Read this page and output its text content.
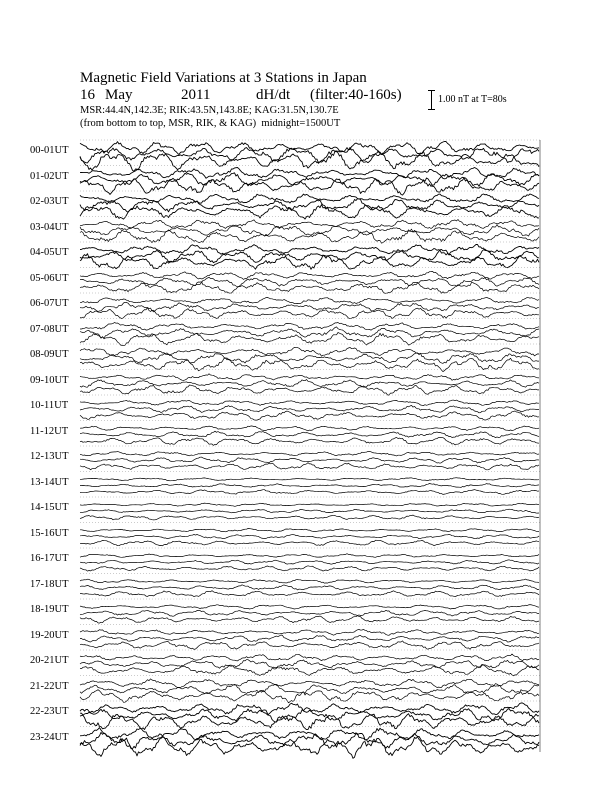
Magnetic Field Variations at 3 Stations in Japan
16 May	2011	dH/dt (filter:40-160s)
MSR:44.4N,142.3E; RIK:43.5N,143.8E; KAG:31.5N,130.7E
(from bottom to top, MSR, RIK, & KAG) midnight=1500UT
1.00 nT at T=80s
00-01UT
01-02UT
02-03UT
03-04UT
04-05UT
05-06UT
06-07UT
07-08UT
08-09UT
09-10UT
10-11UT
11-12UT
12-13UT
13-14UT
14-15UT
15-16UT
16-17UT
17-18UT
18-19UT
19-20UT
20-21UT
21-22UT
22-23UT
23-24UT
